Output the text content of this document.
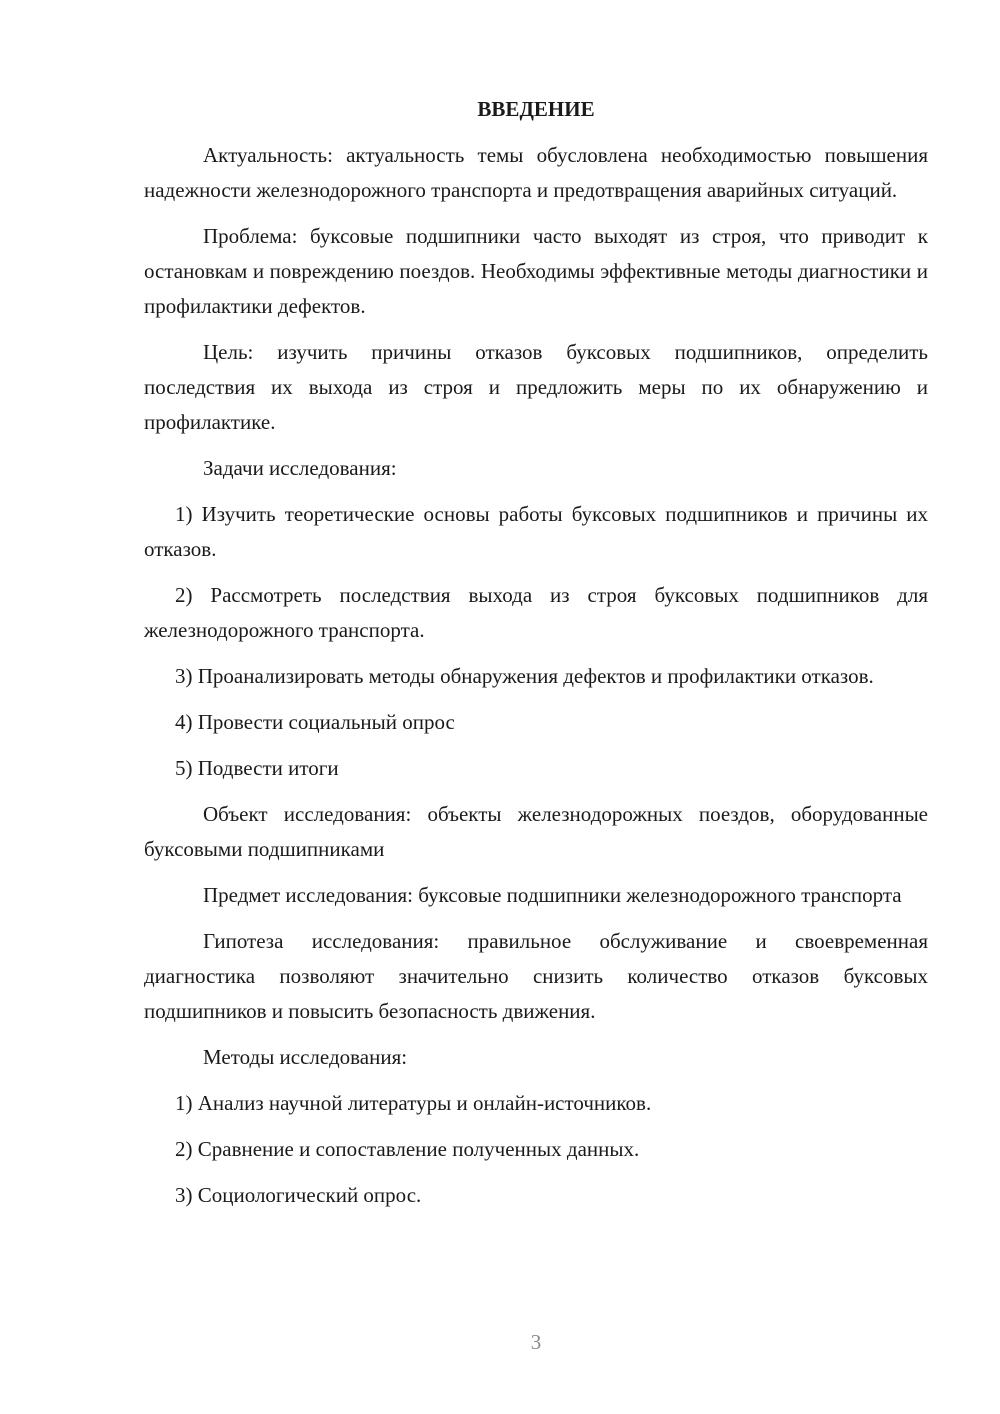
ВВЕДЕНИЕ
Актуальность: актуальность темы обусловлена необходимостью повышения надежности железнодорожного транспорта и предотвращения аварийных ситуаций.
Проблема: буксовые подшипники часто выходят из строя, что приводит к остановкам и повреждению поездов. Необходимы эффективные методы диагностики и профилактики дефектов.
Цель: изучить причины отказов буксовых подшипников, определить последствия их выхода из строя и предложить меры по их обнаружению и профилактике.
Задачи исследования:
1) Изучить теоретические основы работы буксовых подшипников и причины их отказов.
2) Рассмотреть последствия выхода из строя буксовых подшипников для железнодорожного транспорта.
3) Проанализировать методы обнаружения дефектов и профилактики отказов.
4) Провести социальный опрос
5) Подвести итоги
Объект исследования: объекты железнодорожных поездов, оборудованные буксовыми подшипниками
Предмет исследования: буксовые подшипники железнодорожного транспорта
Гипотеза исследования: правильное обслуживание и своевременная диагностика позволяют значительно снизить количество отказов буксовых подшипников и повысить безопасность движения.
Методы исследования:
1) Анализ научной литературы и онлайн-источников.
2) Сравнение и сопоставление полученных данных.
3) Социологический опрос.
3
